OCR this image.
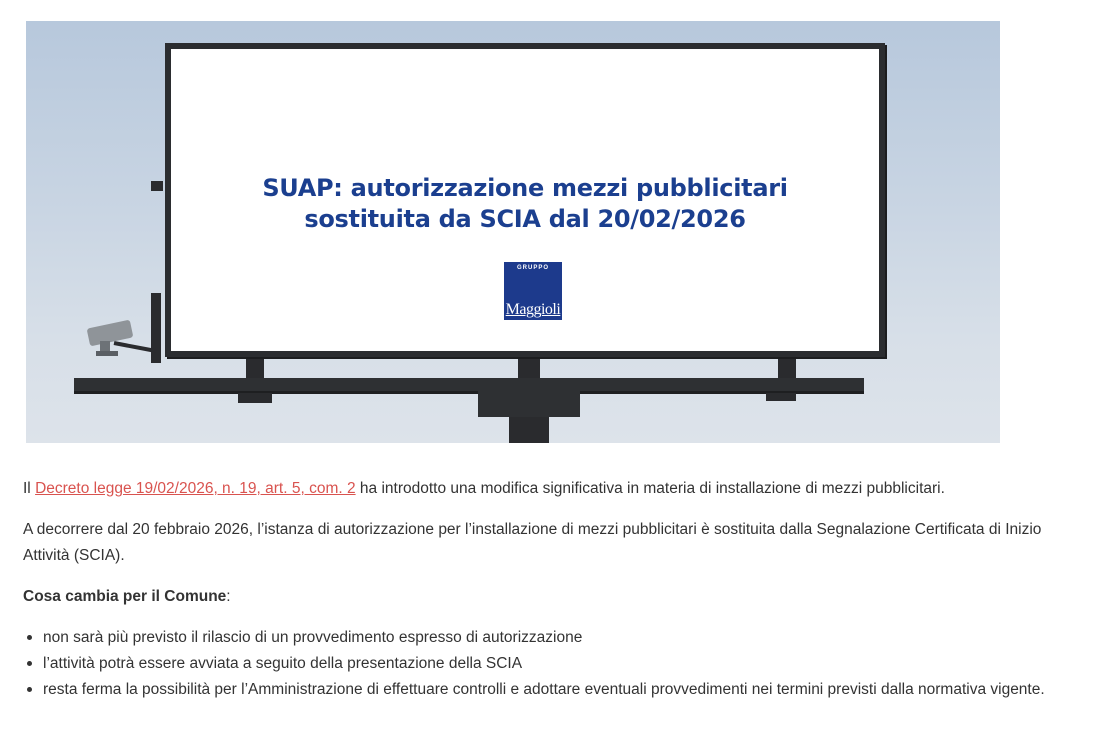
SUAP: autorizzazione mezzi pubblicitari
sostituita da SCIA dal 20/02/2026
GRUPPO
Maggioli

Il Decreto legge 19/02/2026, n. 19, art. 5, com. 2 ha introdotto una modifica significativa in materia di installazione di mezzi pubblicitari.

A decorrere dal 20 febbraio 2026, l’istanza di autorizzazione per l’installazione di mezzi pubblicitari è sostituita dalla Segnalazione Certificata di Inizio Attività (SCIA).

Cosa cambia per il Comune:

non sarà più previsto il rilascio di un provvedimento espresso di autorizzazione
l’attività potrà essere avviata a seguito della presentazione della SCIA
resta ferma la possibilità per l’Amministrazione di effettuare controlli e adottare eventuali provvedimenti nei termini previsti dalla normativa vigente.
